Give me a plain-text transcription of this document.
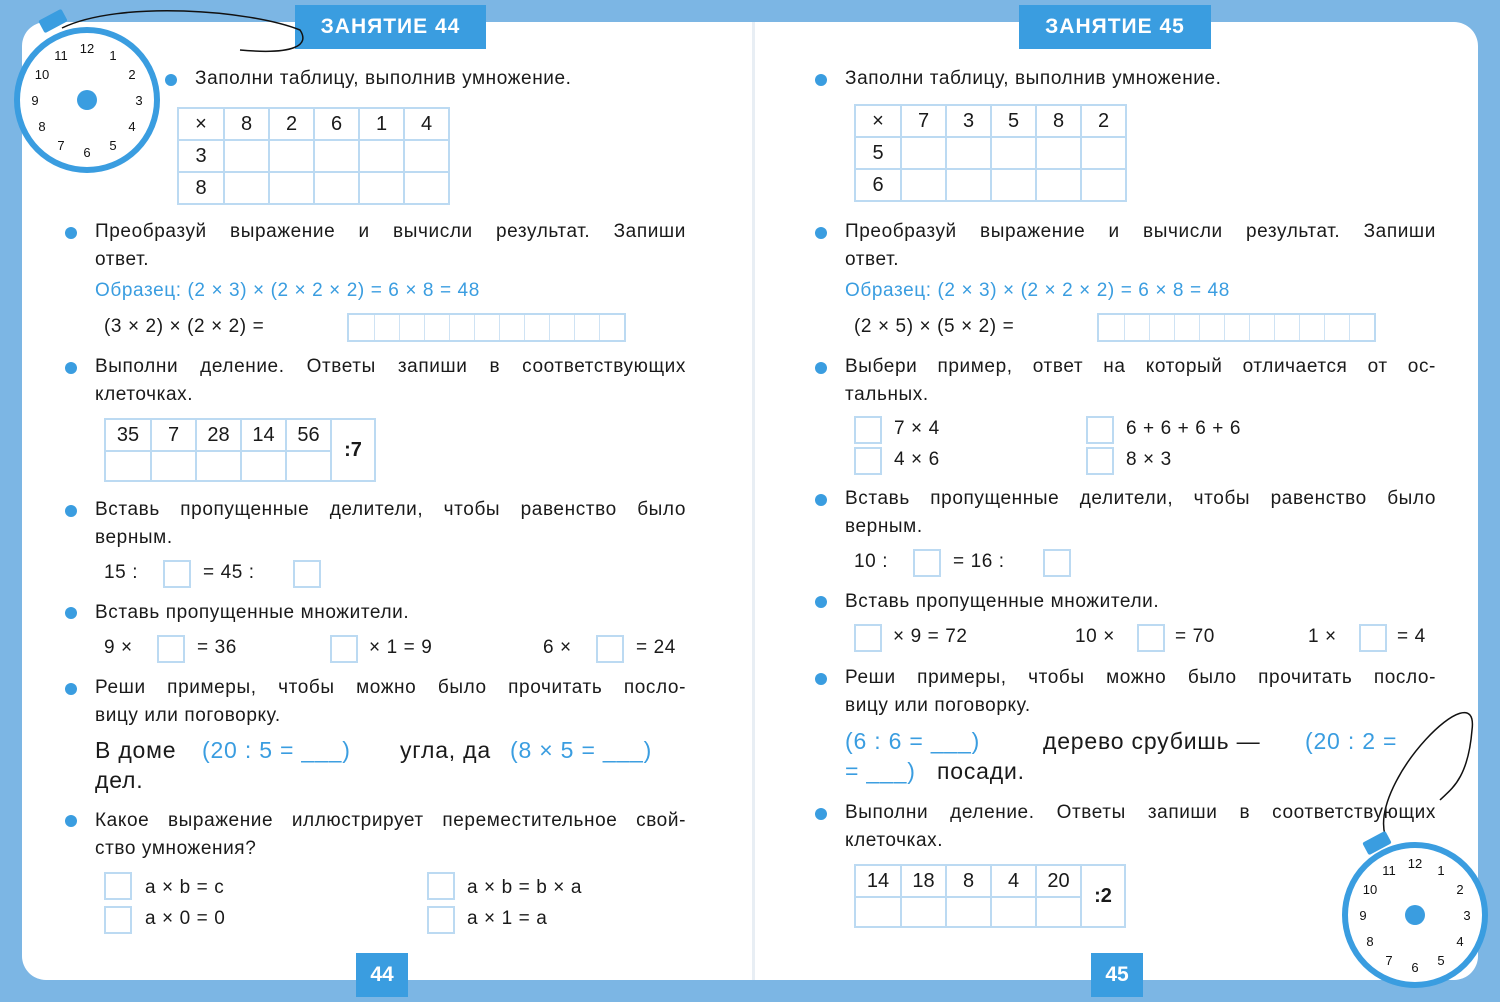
ЗАНЯТИЕ 44	ЗАНЯТИЕ 45
12 1
2
3
4
5
6
7
8
9
10
11
12 1
2
3
4
5
6
7
8
9
10
11
Заполни таблицу, выполнив умножение.
×	8	2	6	1	4
3					
8					
Преобразуй выражение и вычисли результат. Запиши
ответ.
Образец: (2 × 3) × (2 × 2 × 2) = 6 × 8 = 48
(3 × 2) × (2 × 2) =
Выполни деление. Ответы запиши в соответствующих
клеточках.
35	7	28	14	56	:7

Вставь пропущенные делители, чтобы равенство было
верным.
15 :	= 45 :
Вставь пропущенные множители.
9 ×	= 36	× 1 = 9	6 ×	= 24
Реши примеры, чтобы можно было прочитать посло-
вицу или поговорку.
В доме (20 : 5 = ___) угла, да (8 × 5 = ___)
дел.
Какое выражение иллюстрирует переместительное свой-
ство умножения?
a × b = c
a × 0 = 0
a × b = b × a
a × 1 = a
44
Заполни таблицу, выполнив умножение.
×	7	3	5	8	2
5					
6					
Преобразуй выражение и вычисли результат. Запиши
ответ.
Образец: (2 × 3) × (2 × 2 × 2) = 6 × 8 = 48
(2 × 5) × (5 × 2) =
Выбери пример, ответ на который отличается от ос-
тальных.
7 × 4
4 × 6
6 + 6 + 6 + 6
8 × 3
Вставь пропущенные делители, чтобы равенство было
верным.
10 :	= 16 :
Вставь пропущенные множители.
× 9 = 72	10 ×	= 70	1 ×	= 4
Реши примеры, чтобы можно было прочитать посло-
вицу или поговорку.
(6 : 6 = ___)	дерево срубишь — (20 : 2 =
= ___) посади.
Выполни деление. Ответы запиши в соответствующих
клеточках.
14	18	8	4	20	:2

45
